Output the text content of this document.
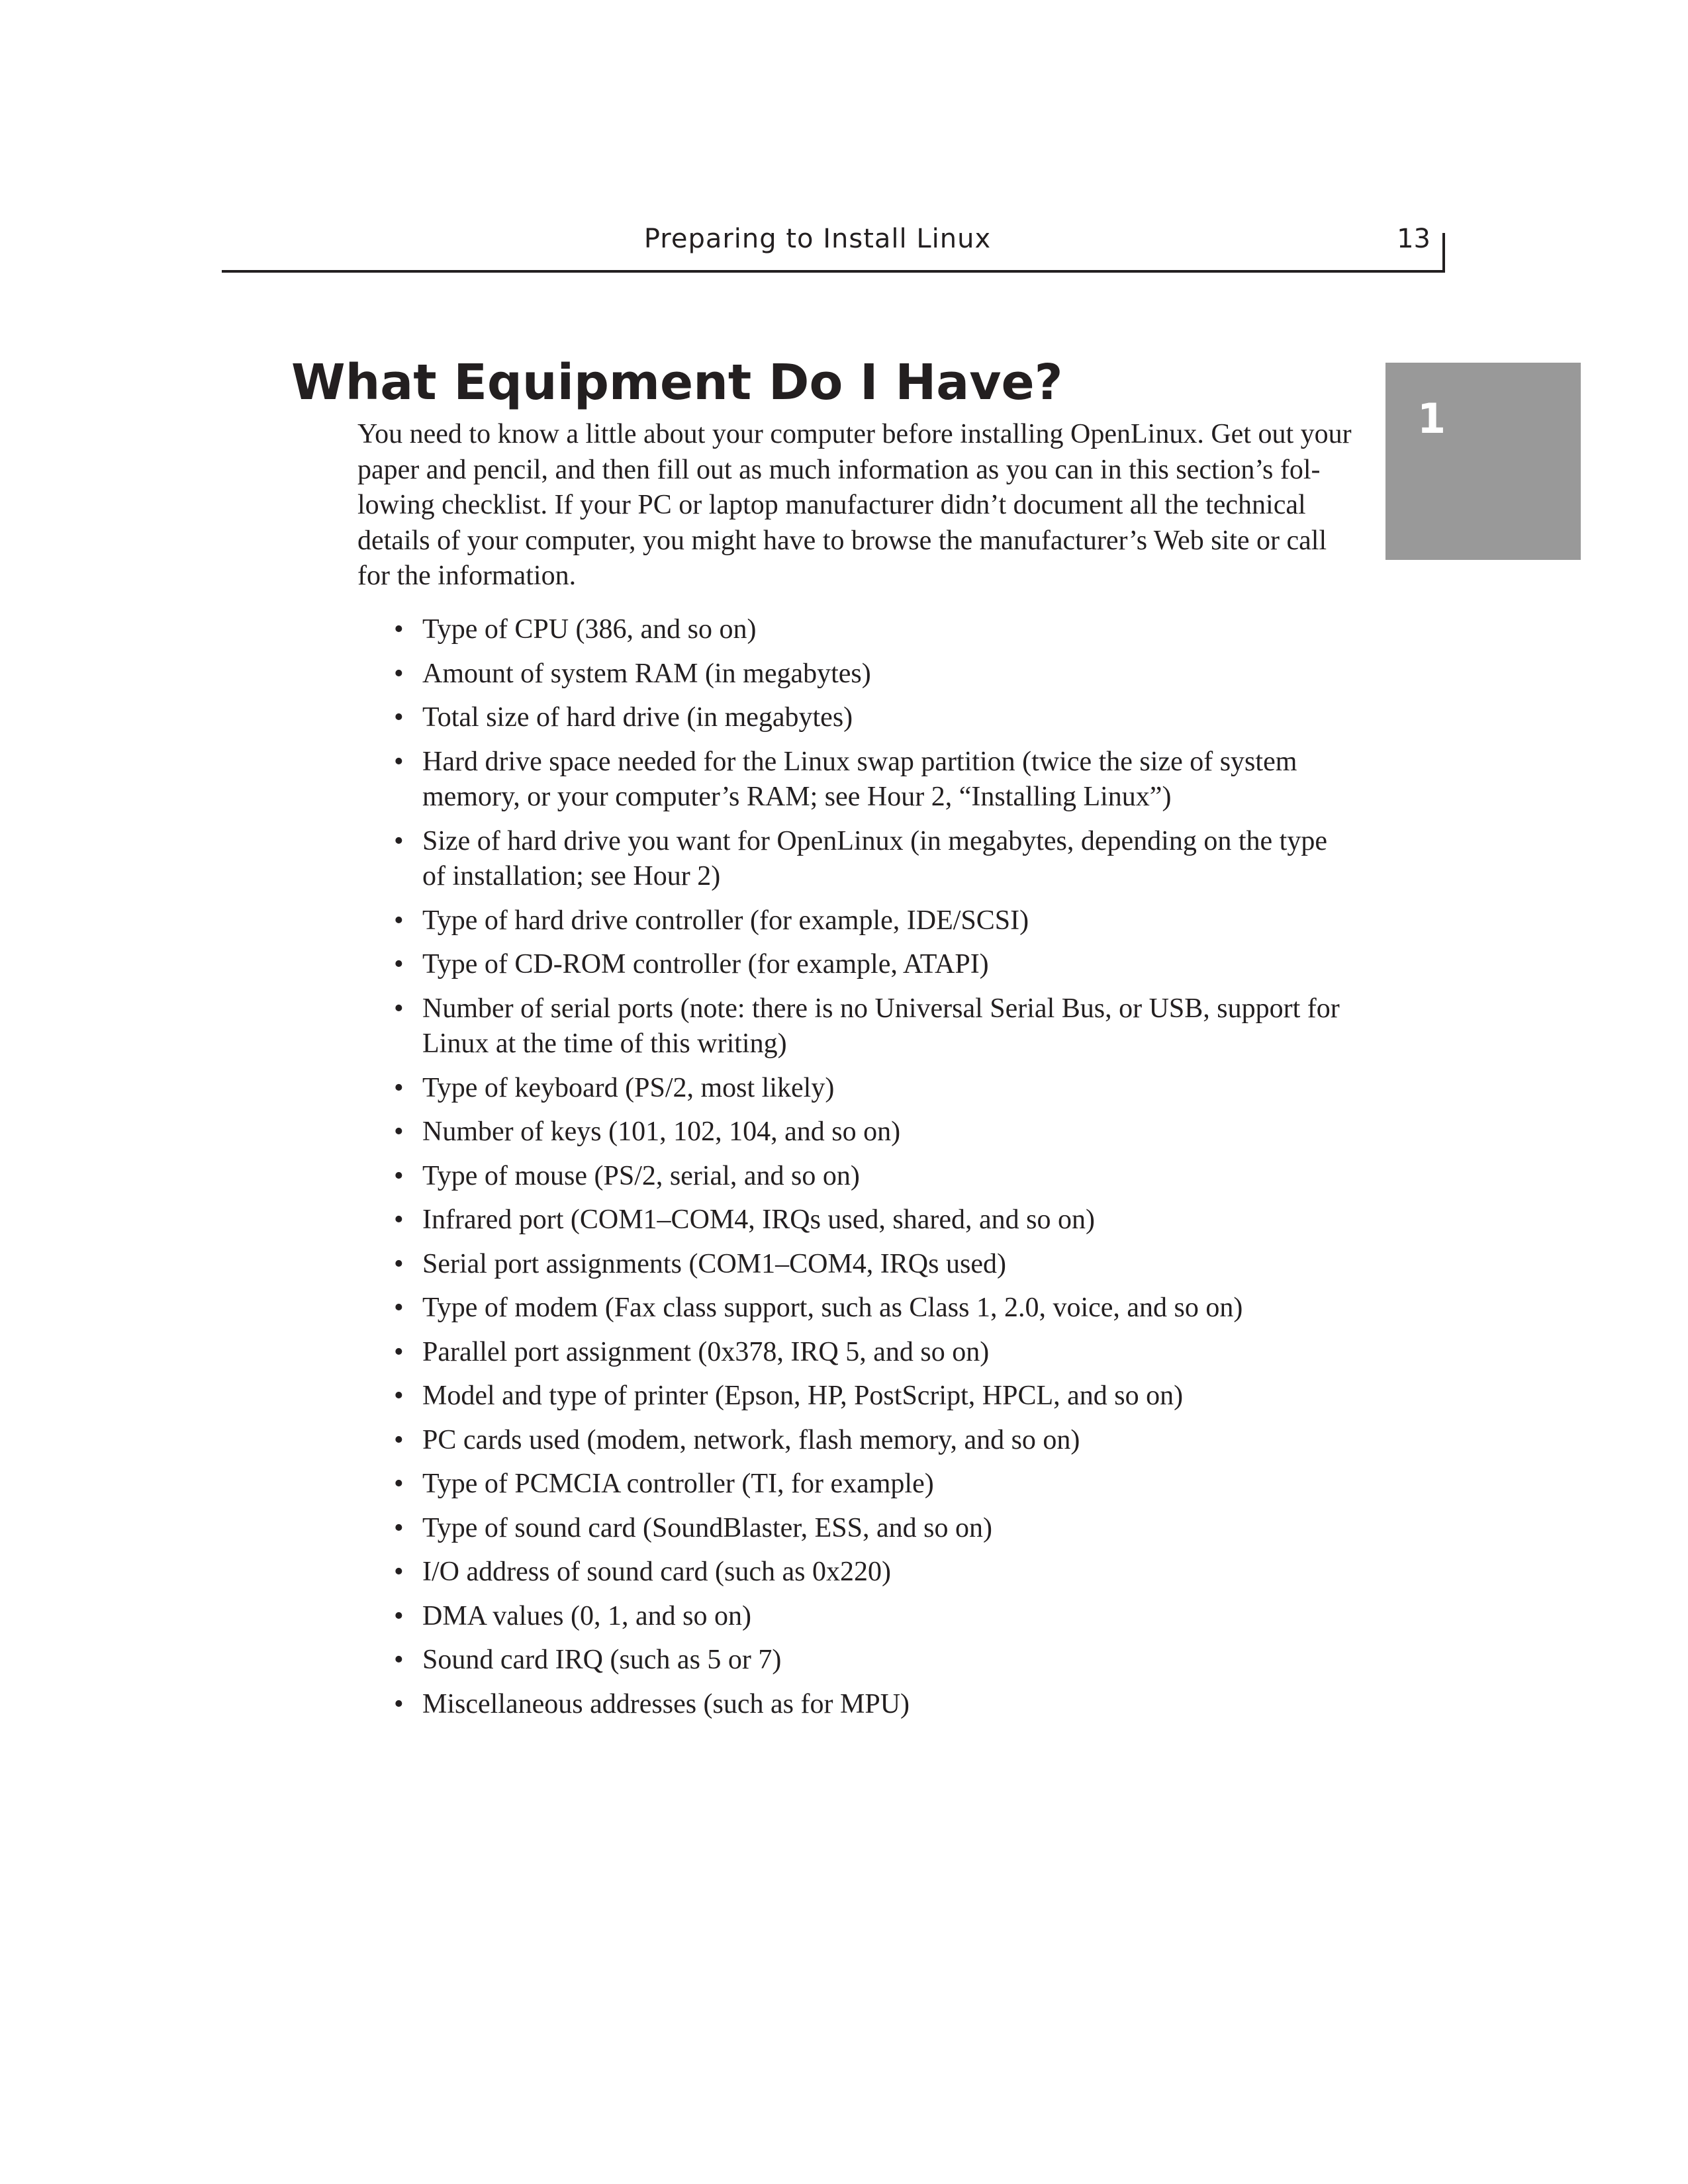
Preparing to Install Linux	13
1
What Equipment Do I Have?

You need to know a little about your computer before installing OpenLinux. Get out your
paper and pencil, and then fill out as much information as you can in this section’s fol-
lowing checklist. If your PC or laptop manufacturer didn’t document all the technical
details of your computer, you might have to browse the manufacturer’s Web site or call
for the information.

• Type of CPU (386, and so on)
• Amount of system RAM (in megabytes)
• Total size of hard drive (in megabytes)
• Hard drive space needed for the Linux swap partition (twice the size of system
memory, or your computer’s RAM; see Hour 2, “Installing Linux”)
• Size of hard drive you want for OpenLinux (in megabytes, depending on the type
of installation; see Hour 2)
• Type of hard drive controller (for example, IDE/SCSI)
• Type of CD-ROM controller (for example, ATAPI)
• Number of serial ports (note: there is no Universal Serial Bus, or USB, support for
Linux at the time of this writing)
• Type of keyboard (PS/2, most likely)
• Number of keys (101, 102, 104, and so on)
• Type of mouse (PS/2, serial, and so on)
• Infrared port (COM1–COM4, IRQs used, shared, and so on)
• Serial port assignments (COM1–COM4, IRQs used)
• Type of modem (Fax class support, such as Class 1, 2.0, voice, and so on)
• Parallel port assignment (0x378, IRQ 5, and so on)
• Model and type of printer (Epson, HP, PostScript, HPCL, and so on)
• PC cards used (modem, network, flash memory, and so on)
• Type of PCMCIA controller (TI, for example)
• Type of sound card (SoundBlaster, ESS, and so on)
• I/O address of sound card (such as 0x220)
• DMA values (0, 1, and so on)
• Sound card IRQ (such as 5 or 7)
• Miscellaneous addresses (such as for MPU)
